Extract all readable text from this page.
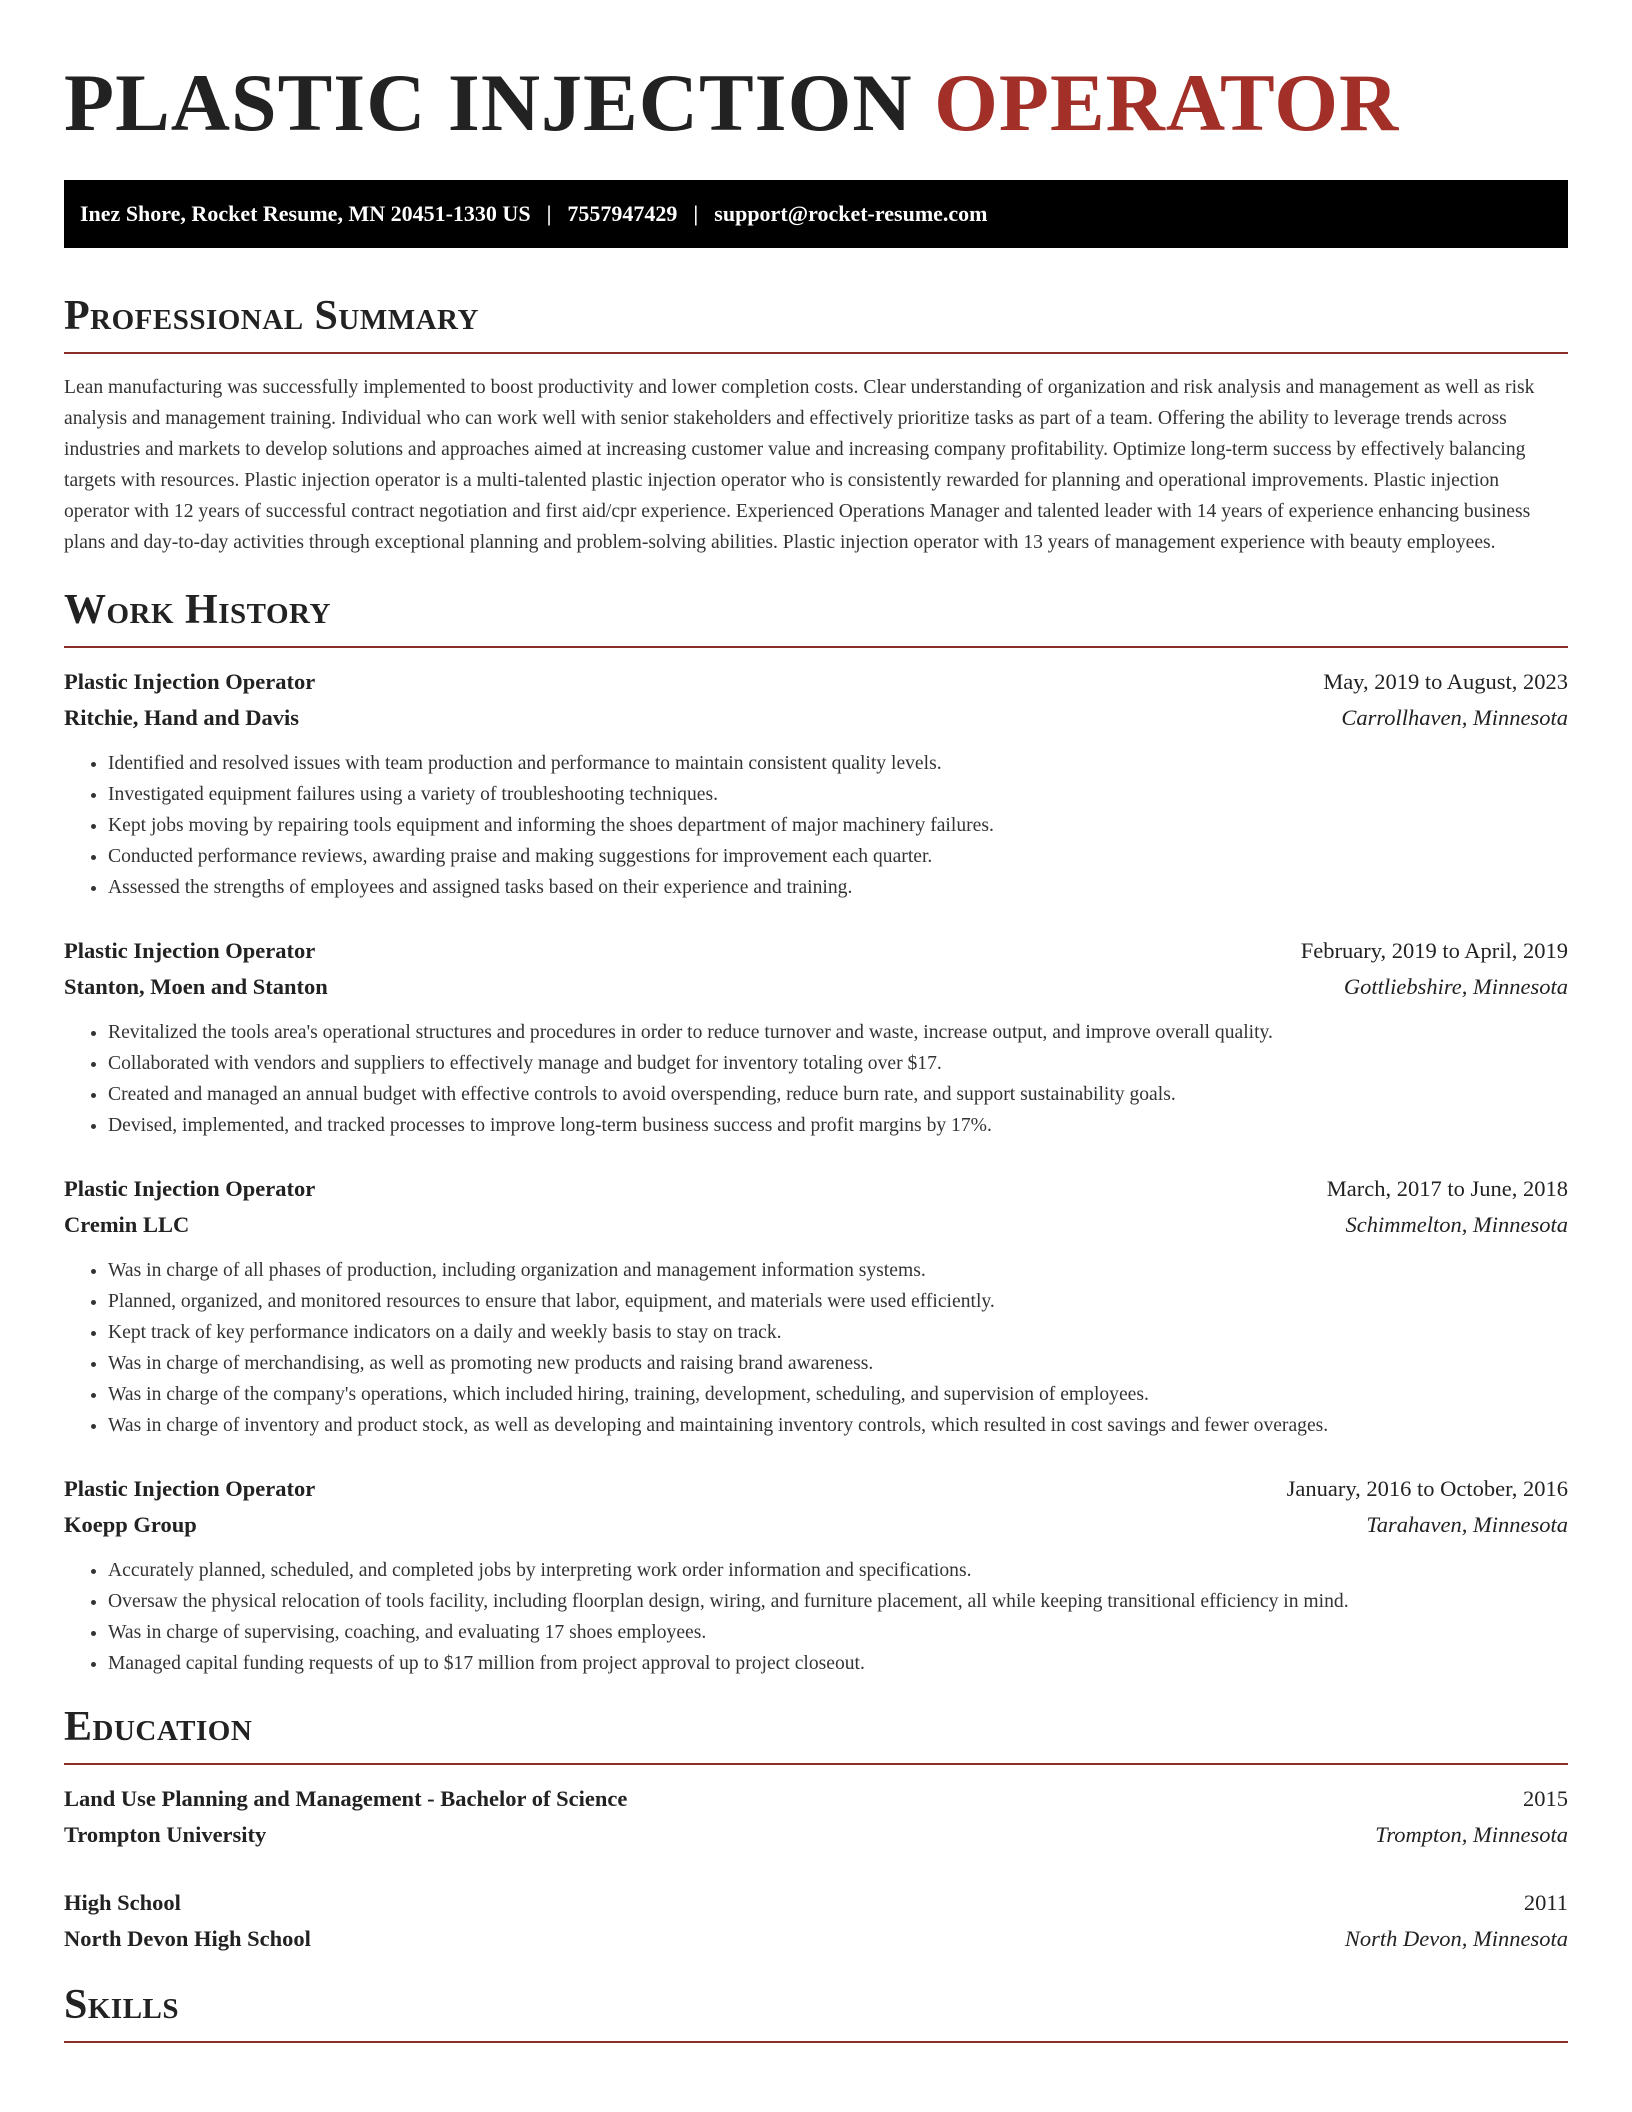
PLASTIC INJECTION OPERATOR
Inez Shore, Rocket Resume, MN 20451-1330 US | 7557947429 | support@rocket-resume.com
Professional Summary

Lean manufacturing was successfully implemented to boost productivity and lower completion costs. Clear understanding of organization and risk analysis and management as well as risk analysis and management training. Individual who can work well with senior stakeholders and effectively prioritize tasks as part of a team. Offering the ability to leverage trends across industries and markets to develop solutions and approaches aimed at increasing customer value and increasing company profitability. Optimize long-term success by effectively balancing targets with resources. Plastic injection operator is a multi-talented plastic injection operator who is consistently rewarded for planning and operational improvements. Plastic injection operator with 12 years of successful contract negotiation and first aid/cpr experience. Experienced Operations Manager and talented leader with 14 years of experience enhancing business plans and day-to-day activities through exceptional planning and problem-solving abilities. Plastic injection operator with 13 years of management experience with beauty employees.

Work History
Plastic Injection Operator	May, 2019 to August, 2023
Ritchie, Hand and Davis	Carrollhaven, Minnesota
• Identified and resolved issues with team production and performance to maintain consistent quality levels.
• Investigated equipment failures using a variety of troubleshooting techniques.
• Kept jobs moving by repairing tools equipment and informing the shoes department of major machinery failures.
• Conducted performance reviews, awarding praise and making suggestions for improvement each quarter.
• Assessed the strengths of employees and assigned tasks based on their experience and training.
Plastic Injection Operator	February, 2019 to April, 2019
Stanton, Moen and Stanton	Gottliebshire, Minnesota
• Revitalized the tools area's operational structures and procedures in order to reduce turnover and waste, increase output, and improve overall quality.
• Collaborated with vendors and suppliers to effectively manage and budget for inventory totaling over $17.
• Created and managed an annual budget with effective controls to avoid overspending, reduce burn rate, and support sustainability goals.
• Devised, implemented, and tracked processes to improve long-term business success and profit margins by 17%.
Plastic Injection Operator	March, 2017 to June, 2018
Cremin LLC	Schimmelton, Minnesota
• Was in charge of all phases of production, including organization and management information systems.
• Planned, organized, and monitored resources to ensure that labor, equipment, and materials were used efficiently.
• Kept track of key performance indicators on a daily and weekly basis to stay on track.
• Was in charge of merchandising, as well as promoting new products and raising brand awareness.
• Was in charge of the company's operations, which included hiring, training, development, scheduling, and supervision of employees.
• Was in charge of inventory and product stock, as well as developing and maintaining inventory controls, which resulted in cost savings and fewer overages.
Plastic Injection Operator	January, 2016 to October, 2016
Koepp Group	Tarahaven, Minnesota
• Accurately planned, scheduled, and completed jobs by interpreting work order information and specifications.
• Oversaw the physical relocation of tools facility, including floorplan design, wiring, and furniture placement, all while keeping transitional efficiency in mind.
• Was in charge of supervising, coaching, and evaluating 17 shoes employees.
• Managed capital funding requests of up to $17 million from project approval to project closeout.
Education
Land Use Planning and Management - Bachelor of Science	2015
Trompton University	Trompton, Minnesota
High School	2011
North Devon High School	North Devon, Minnesota
Skills
